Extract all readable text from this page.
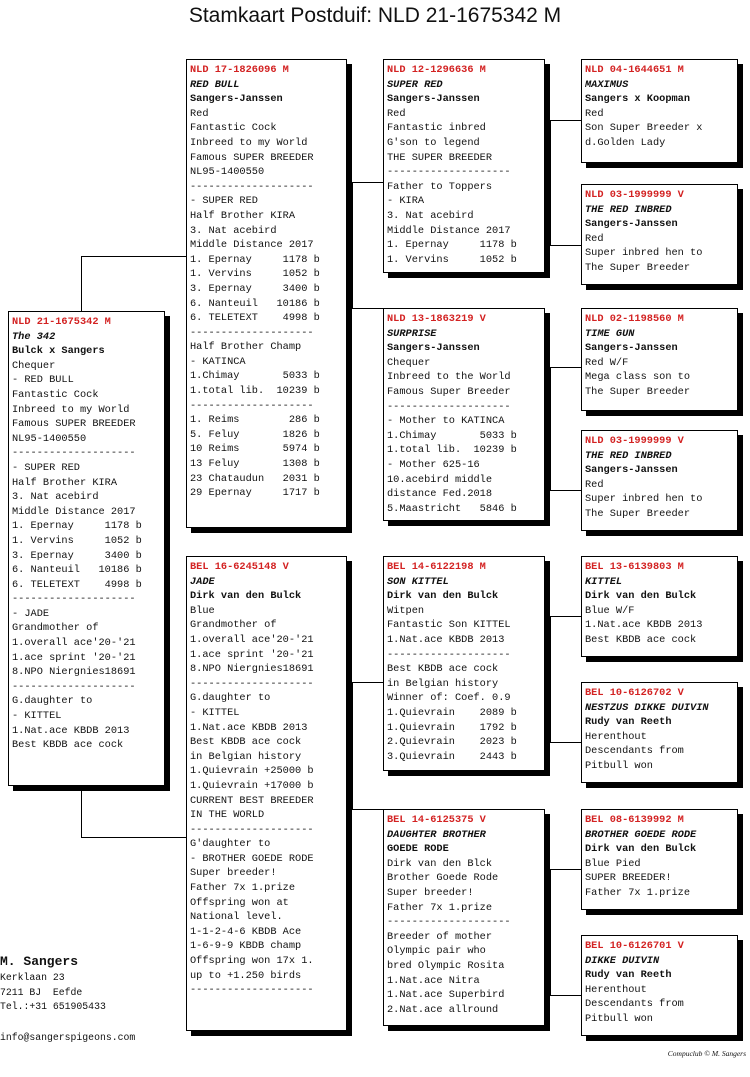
Stamkaart Postduif: NLD 21-1675342 M
NLD 21-1675342 M
The 342
Bulck x Sangers
Chequer
- RED BULL
Fantastic Cock
Inbreed to my World
Famous SUPER BREEDER
NL95-1400550
--------------------
- SUPER RED
Half Brother KIRA
3. Nat acebird
Middle Distance 2017
1. Epernay     1178 b
1. Vervins     1052 b
3. Epernay     3400 b
6. Nanteuil   10186 b
6. TELETEXT    4998 b
--------------------
- JADE
Grandmother of
1.overall ace'20-'21
1.ace sprint '20-'21
8.NPO Niergnies18691
--------------------
G.daughter to
- KITTEL
1.Nat.ace KBDB 2013
Best KBDB ace cock
NLD 17-1826096 M
RED BULL
Sangers-Janssen
Red
Fantastic Cock
Inbreed to my World
Famous SUPER BREEDER
NL95-1400550
--------------------
- SUPER RED
Half Brother KIRA
3. Nat acebird
Middle Distance 2017
1. Epernay     1178 b
1. Vervins     1052 b
3. Epernay     3400 b
6. Nanteuil   10186 b
6. TELETEXT    4998 b
--------------------
Half Brother Champ
- KATINCA
1.Chimay       5033 b
1.total lib.  10239 b
--------------------
1. Reims        286 b
5. Feluy       1826 b
10 Reims       5974 b
13 Feluy       1308 b
23 Chataudun   2031 b
29 Epernay     1717 b
BEL 16-6245148 V
JADE
Dirk van den Bulck
Blue
Grandmother of
1.overall ace'20-'21
1.ace sprint '20-'21
8.NPO Niergnies18691
--------------------
G.daughter to
- KITTEL
1.Nat.ace KBDB 2013
Best KBDB ace cock
in Belgian history
1.Quievrain +25000 b
1.Quievrain +17000 b
CURRENT BEST BREEDER
IN THE WORLD
--------------------
G'daughter to
- BROTHER GOEDE RODE
Super breeder!
Father 7x 1.prize
Offspring won at
National level.
1-1-2-4-6 KBDB Ace
1-6-9-9 KBDB champ
Offspring won 17x 1.
up to +1.250 birds
--------------------
NLD 12-1296636 M
SUPER RED
Sangers-Janssen
Red
Fantastic inbred
G'son to legend
THE SUPER BREEDER
--------------------
Father to Toppers
- KIRA
3. Nat acebird
Middle Distance 2017
1. Epernay     1178 b
1. Vervins     1052 b
NLD 13-1863219 V
SURPRISE
Sangers-Janssen
Chequer
Inbreed to the World
Famous Super Breeder
--------------------
- Mother to KATINCA
1.Chimay       5033 b
1.total lib.  10239 b
- Mother 625-16
10.acebird middle
distance Fed.2018
5.Maastricht   5846 b
BEL 14-6122198 M
SON KITTEL
Dirk van den Bulck
Witpen
Fantastic Son KITTEL
1.Nat.ace KBDB 2013
--------------------
Best KBDB ace cock
in Belgian history
Winner of: Coef. 0.9
1.Quievrain    2089 b
1.Quievrain    1792 b
2.Quievrain    2023 b
3.Quievrain    2443 b
BEL 14-6125375 V
DAUGHTER BROTHER
GOEDE RODE
Dirk van den Blck
Brother Goede Rode
Super breeder!
Father 7x 1.prize
--------------------
Breeder of mother
Olympic pair who
bred Olympic Rosita
1.Nat.ace Nitra
1.Nat.ace Superbird
2.Nat.ace allround
NLD 04-1644651 M
MAXIMUS
Sangers x Koopman
Red
Son Super Breeder x
d.Golden Lady
NLD 03-1999999 V
THE RED INBRED
Sangers-Janssen
Red
Super inbred hen to
The Super Breeder
NLD 02-1198560 M
TIME GUN
Sangers-Janssen
Red W/F
Mega class son to
The Super Breeder
NLD 03-1999999 V
THE RED INBRED
Sangers-Janssen
Red
Super inbred hen to
The Super Breeder
BEL 13-6139803 M
KITTEL
Dirk van den Bulck
Blue W/F
1.Nat.ace KBDB 2013
Best KBDB ace cock
BEL 10-6126702 V
NESTZUS DIKKE DUIVIN
Rudy van Reeth
Herenthout
Descendants from
Pitbull won
BEL 08-6139992 M
BROTHER GOEDE RODE
Dirk van den Bulck
Blue Pied
SUPER BREEDER!
Father 7x 1.prize
BEL 10-6126701 V
DIKKE DUIVIN
Rudy van Reeth
Herenthout
Descendants from
Pitbull won
M. Sangers
Kerklaan 23
7211 BJ  Eefde
Tel.:+31 651905433
info@sangerspigeons.com
Compuclub © M. Sangers
